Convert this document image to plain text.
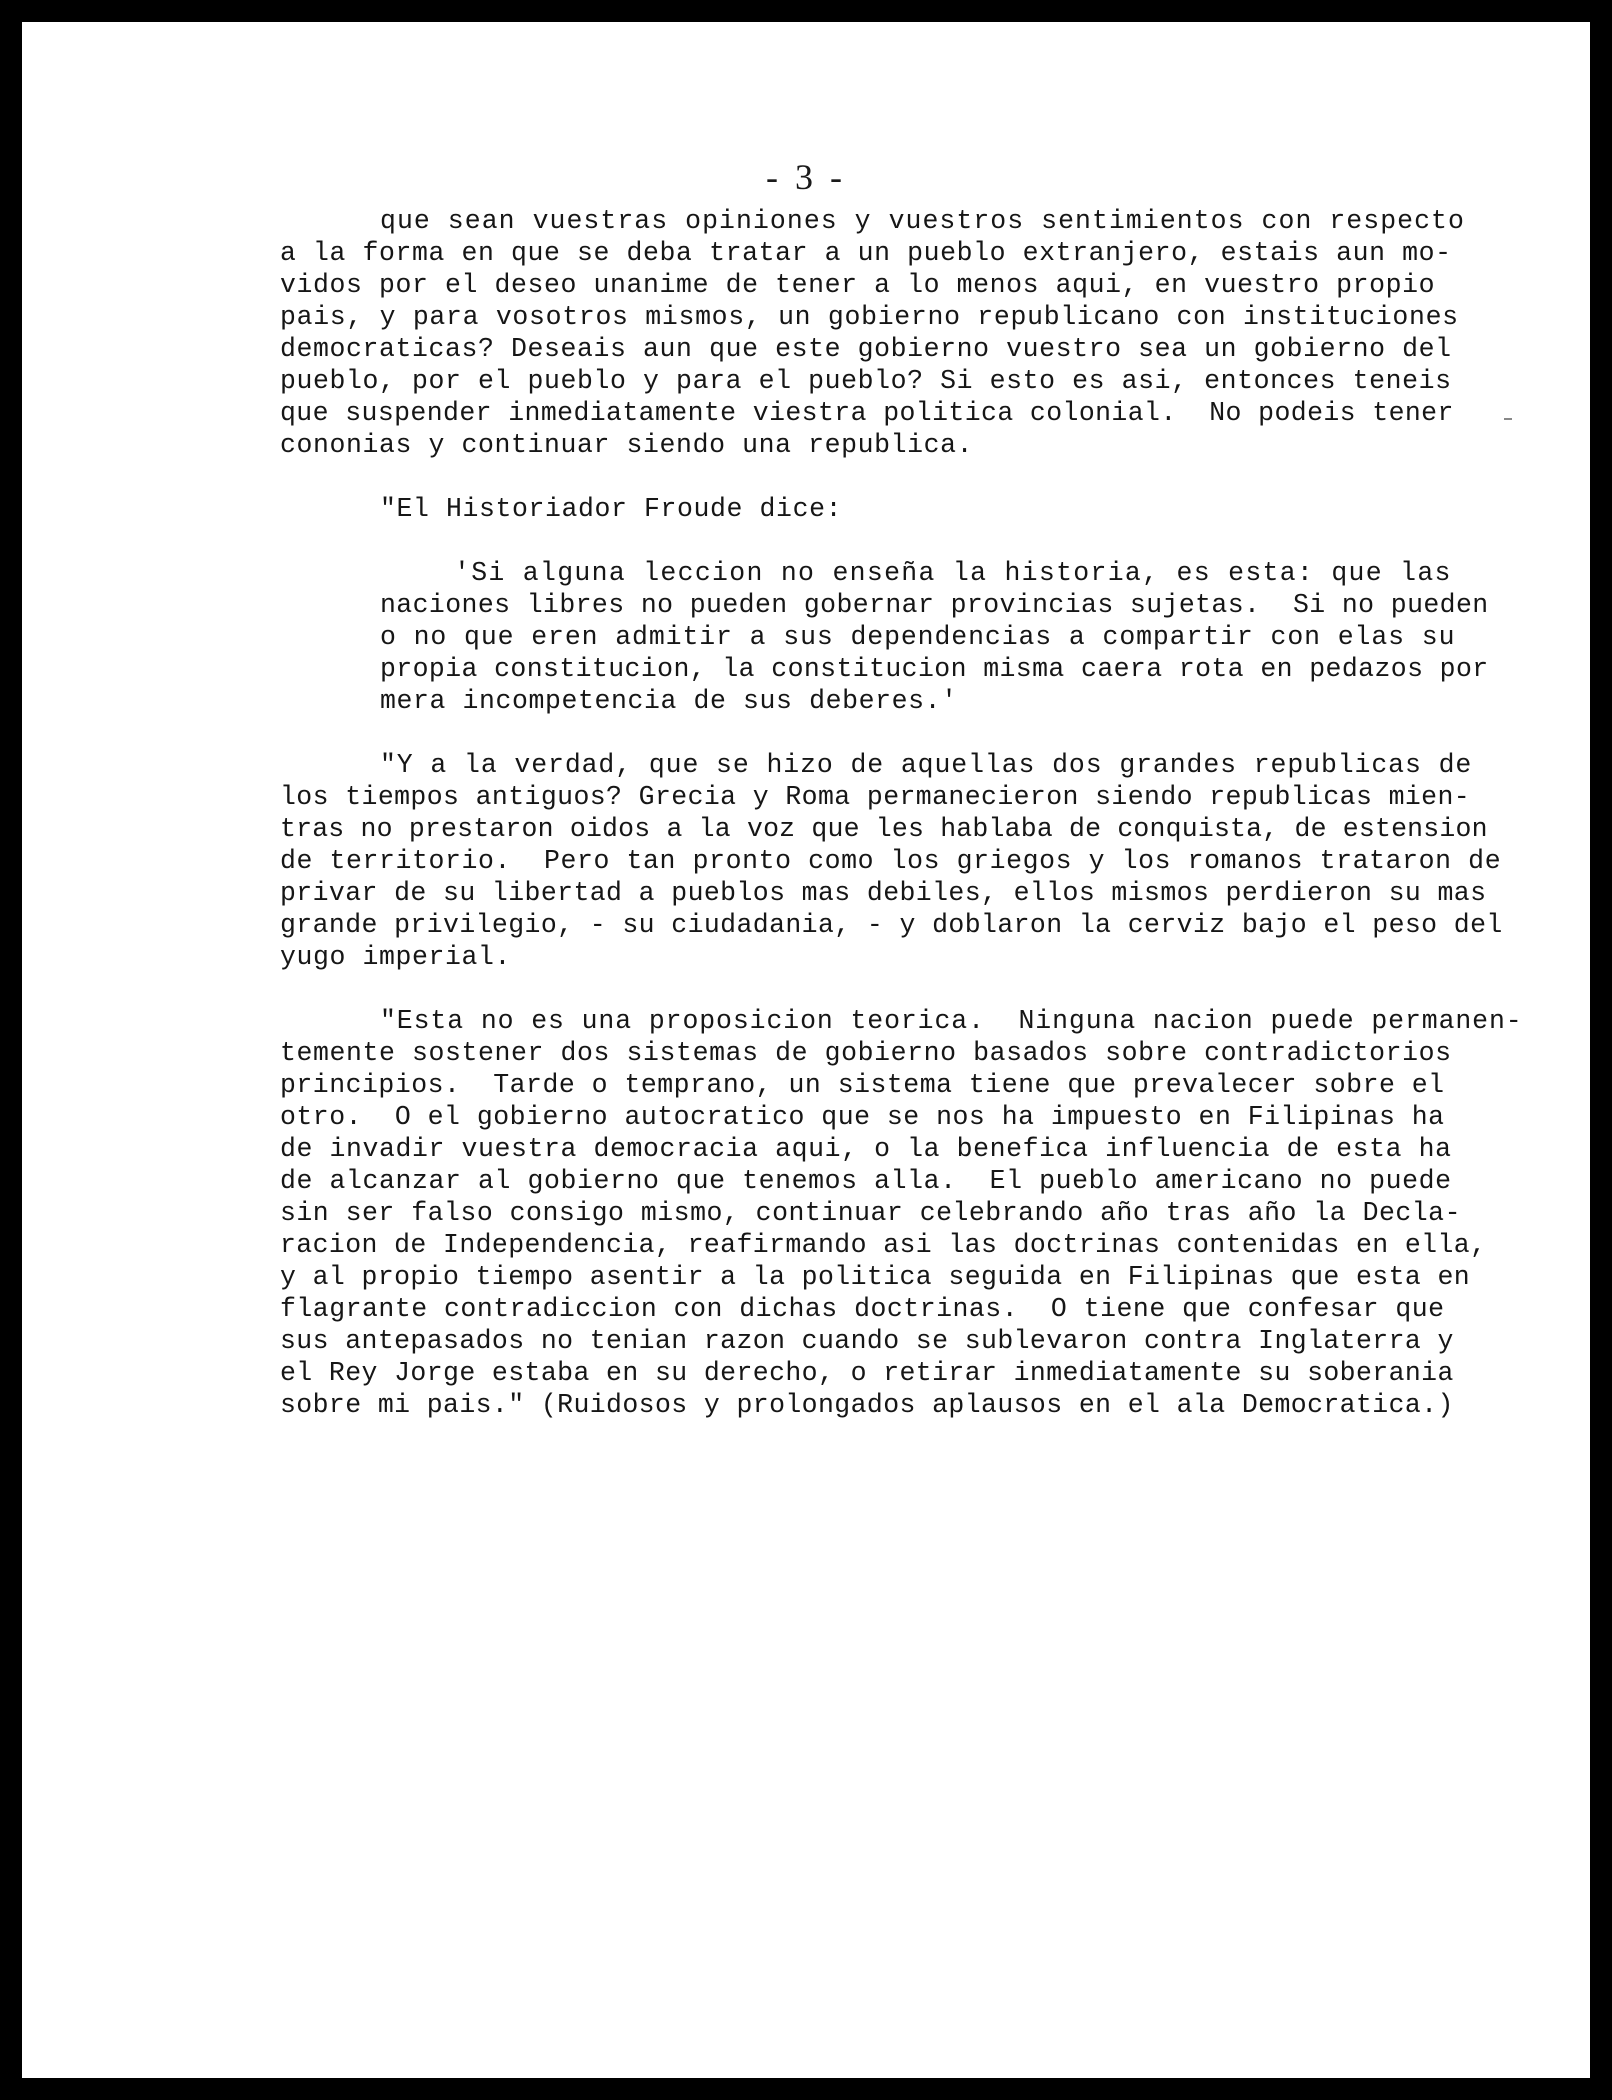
- 3 -
que sean vuestras opiniones y vuestros sentimientos con respecto
a la forma en que se deba tratar a un pueblo extranjero, estais aun mo-
vidos por el deseo unanime de tener a lo menos aqui, en vuestro propio
pais, y para vosotros mismos, un gobierno republicano con instituciones
democraticas? Deseais aun que este gobierno vuestro sea un gobierno del
pueblo, por el pueblo y para el pueblo? Si esto es asi, entonces teneis
que suspender inmediatamente viestra politica colonial.  No podeis tener
cononias y continuar siendo una republica.
"El Historiador Froude dice:
'Si alguna leccion no enseña la historia, es esta: que las
naciones libres no pueden gobernar provincias sujetas.  Si no pueden
o no que eren admitir a sus dependencias a compartir con elas su
propia constitucion, la constitucion misma caera rota en pedazos por
mera incompetencia de sus deberes.'
"Y a la verdad, que se hizo de aquellas dos grandes republicas de
los tiempos antiguos? Grecia y Roma permanecieron siendo republicas mien-
tras no prestaron oidos a la voz que les hablaba de conquista, de estension
de territorio.  Pero tan pronto como los griegos y los romanos trataron de
privar de su libertad a pueblos mas debiles, ellos mismos perdieron su mas
grande privilegio, - su ciudadania, - y doblaron la cerviz bajo el peso del
yugo imperial.
"Esta no es una proposicion teorica.  Ninguna nacion puede permanen-
temente sostener dos sistemas de gobierno basados sobre contradictorios
principios.  Tarde o temprano, un sistema tiene que prevalecer sobre el
otro.  O el gobierno autocratico que se nos ha impuesto en Filipinas ha
de invadir vuestra democracia aqui, o la benefica influencia de esta ha
de alcanzar al gobierno que tenemos alla.  El pueblo americano no puede
sin ser falso consigo mismo, continuar celebrando año tras año la Decla-
racion de Independencia, reafirmando asi las doctrinas contenidas en ella,
y al propio tiempo asentir a la politica seguida en Filipinas que esta en
flagrante contradiccion con dichas doctrinas.  O tiene que confesar que
sus antepasados no tenian razon cuando se sublevaron contra Inglaterra y
el Rey Jorge estaba en su derecho, o retirar inmediatamente su soberania
sobre mi pais." (Ruidosos y prolongados aplausos en el ala Democratica.)
